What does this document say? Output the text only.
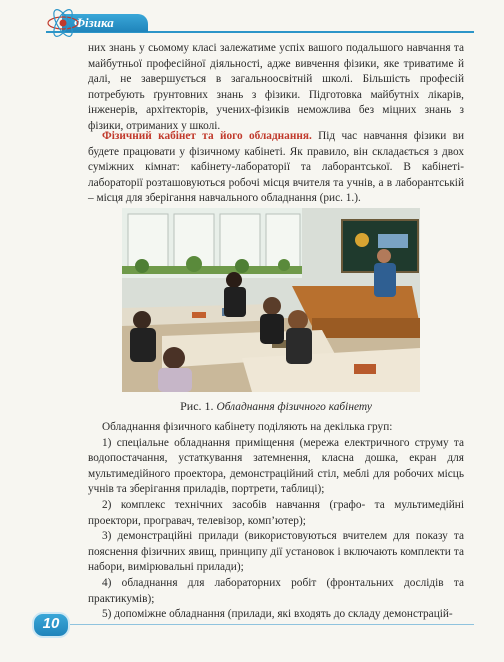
Фізика
них знань у сьомому класі залежатиме успіх вашого подальшого навчання та майбутньої професійної діяльності, адже вивчення фізики, яке триватиме й далі, не завершується в загальноосвітній школі. Більшість професій потребують ґрунтовних знань з фізики. Підготовка майбутніх лікарів, інженерів, архітекторів, учених-фізиків неможлива без міцних знань з фізики, отриманих у школі.
Фізичний кабінет та його обладнання. Під час навчання фізики ви будете працювати у фізичному кабінеті. Як правило, він складається з двох суміжних кімнат: кабінету-лабораторії та лаборантської. В кабінеті-лабораторії розташовуються робочі місця вчителя та учнів, а в лаборантській – місця для зберігання навчального обладнання (рис. 1.).
Рис. 1. Обладнання фізичного кабінету

Обладнання фізичного кабінету поділяють на декілька груп:

1) спеціальне обладнання приміщення (мережа електричного струму та водопостачання, устаткування затемнення, класна дошка, екран для мультимедійного проектора, демонстраційний стіл, меблі для робочих місць учнів та зберігання приладів, портрети, таблиці);

2) комплекс технічних засобів навчання (графо- та мультимедійні проектори, програвач, телевізор, комп’ютер);

3) демонстраційні прилади (використовуються вчителем для показу та пояснення фізичних явищ, принципу дії установок і включають комплекти та набори, вимірювальні прилади);

4) обладнання для лабораторних робіт (фронтальних дослідів та практикумів);

5) допоміжне обладнання (прилади, які входять до складу демонстрацій-

10
